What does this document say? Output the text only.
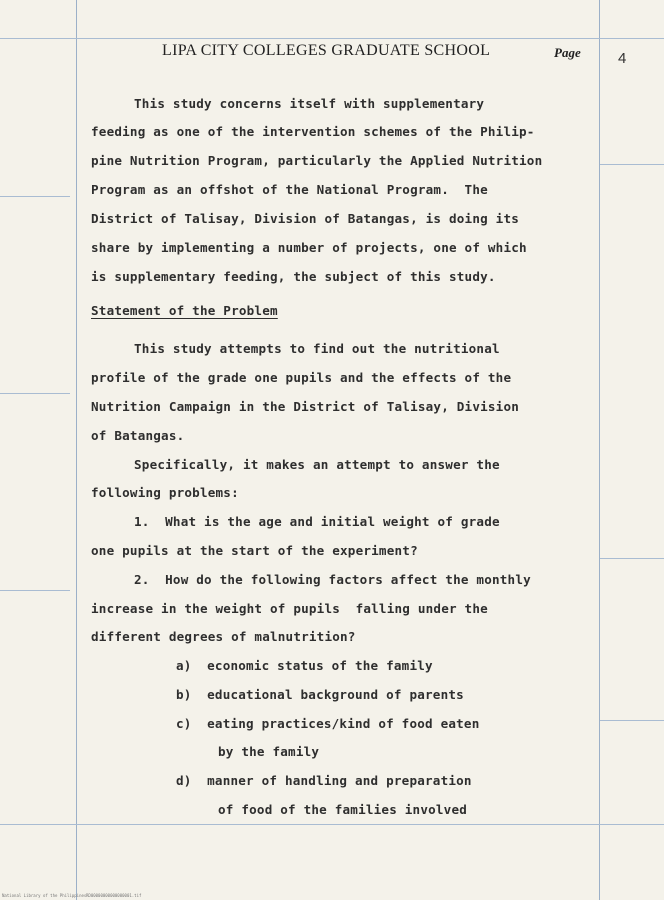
LIPA CITY COLLEGES GRADUATE SCHOOL	Page 4
This study concerns itself with supplementary
feeding as one of the intervention schemes of the Philip-
pine Nutrition Program, particularly the Applied Nutrition
Program as an offshot of the National Program.  The
District of Talisay, Division of Batangas, is doing its
share by implementing a number of projects, one of which
is supplementary feeding, the subject of this study.
Statement of the Problem
This study attempts to find out the nutritional
profile of the grade one pupils and the effects of the
Nutrition Campaign in the District of Talisay, Division
of Batangas.
Specifically, it makes an attempt to answer the
following problems:
1.  What is the age and initial weight of grade
one pupils at the start of the experiment?
2.  How do the following factors affect the monthly
increase in the weight of pupils  falling under the
different degrees of malnutrition?
a)  economic status of the family
b)  educational background of parents
c)  eating practices/kind of food eaten
by the family
d)  manner of handling and preparation
of food of the families involved
National Library of the Philippines RD00000000000000001.tif
